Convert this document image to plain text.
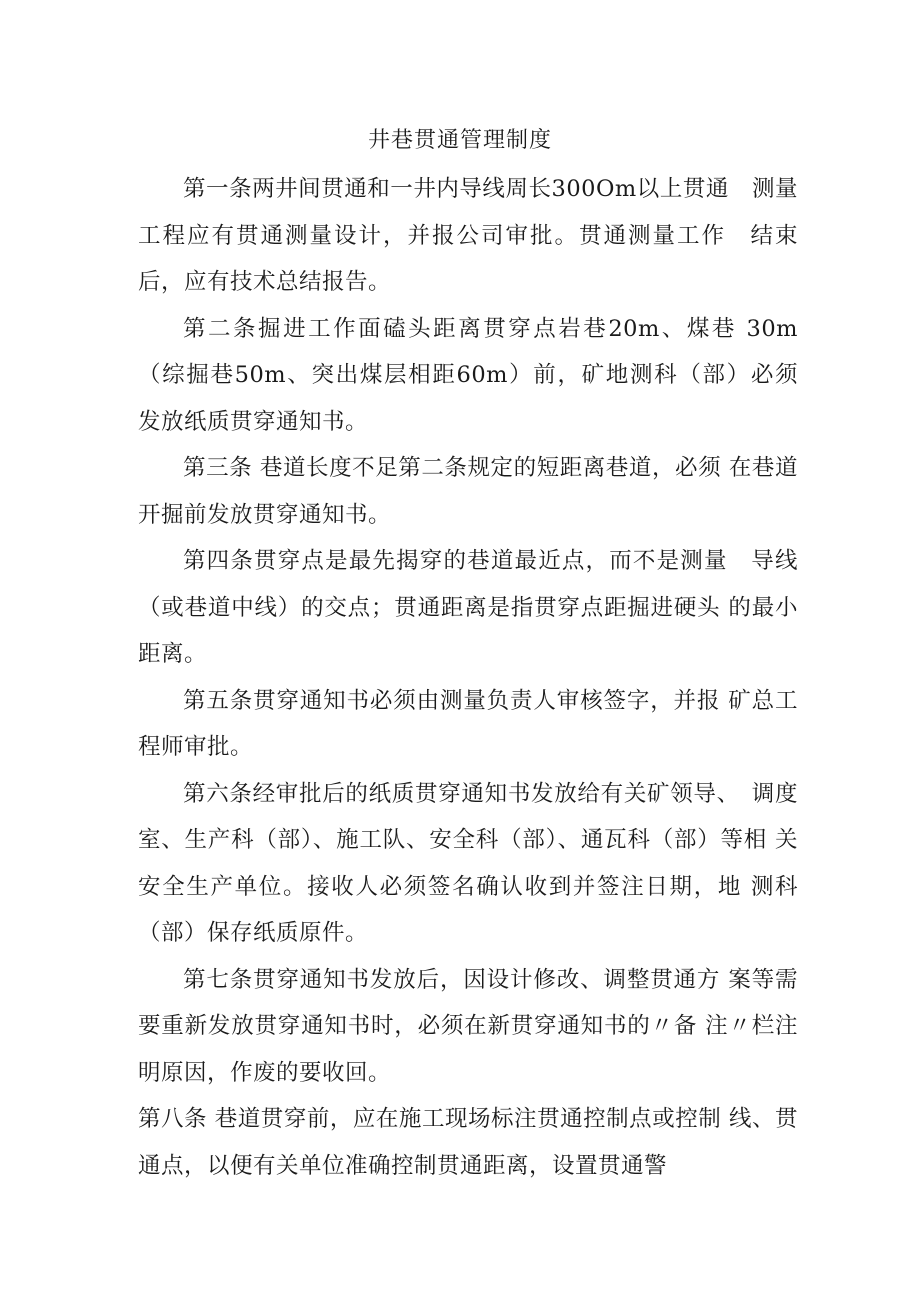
井巷贯通管理制度

第一条两井间贯通和一井内导线周长300Om以上贯通　测量工程应有贯通测量设计，并报公司审批。贯通测量工作　结束后，应有技术总结报告。

第二条掘进工作面磕头距离贯穿点岩巷20m、煤巷 30m（综掘巷50m、突出煤层相距60m）前，矿地测科（部）必须 发放纸质贯穿通知书。

第三条 巷道长度不足第二条规定的短距离巷道，必须 在巷道开掘前发放贯穿通知书。

第四条贯穿点是最先揭穿的巷道最近点，而不是测量　导线（或巷道中线）的交点；贯通距离是指贯穿点距掘进硬头 的最小距离。

第五条贯穿通知书必须由测量负责人审核签字，并报 矿总工程师审批。

第六条经审批后的纸质贯穿通知书发放给有关矿领导、　调度室、生产科（部）、施工队、安全科（部）、通瓦科（部）等相 关安全生产单位。接收人必须签名确认收到并签注日期，地 测科（部）保存纸质原件。

第七条贯穿通知书发放后，因设计修改、调整贯通方 案等需要重新发放贯穿通知书时，必须在新贯穿通知书的〃备 注〃栏注明原因，作废的要收回。

第八条 巷道贯穿前，应在施工现场标注贯通控制点或控制 线、贯通点，以便有关单位准确控制贯通距离，设置贯通警
